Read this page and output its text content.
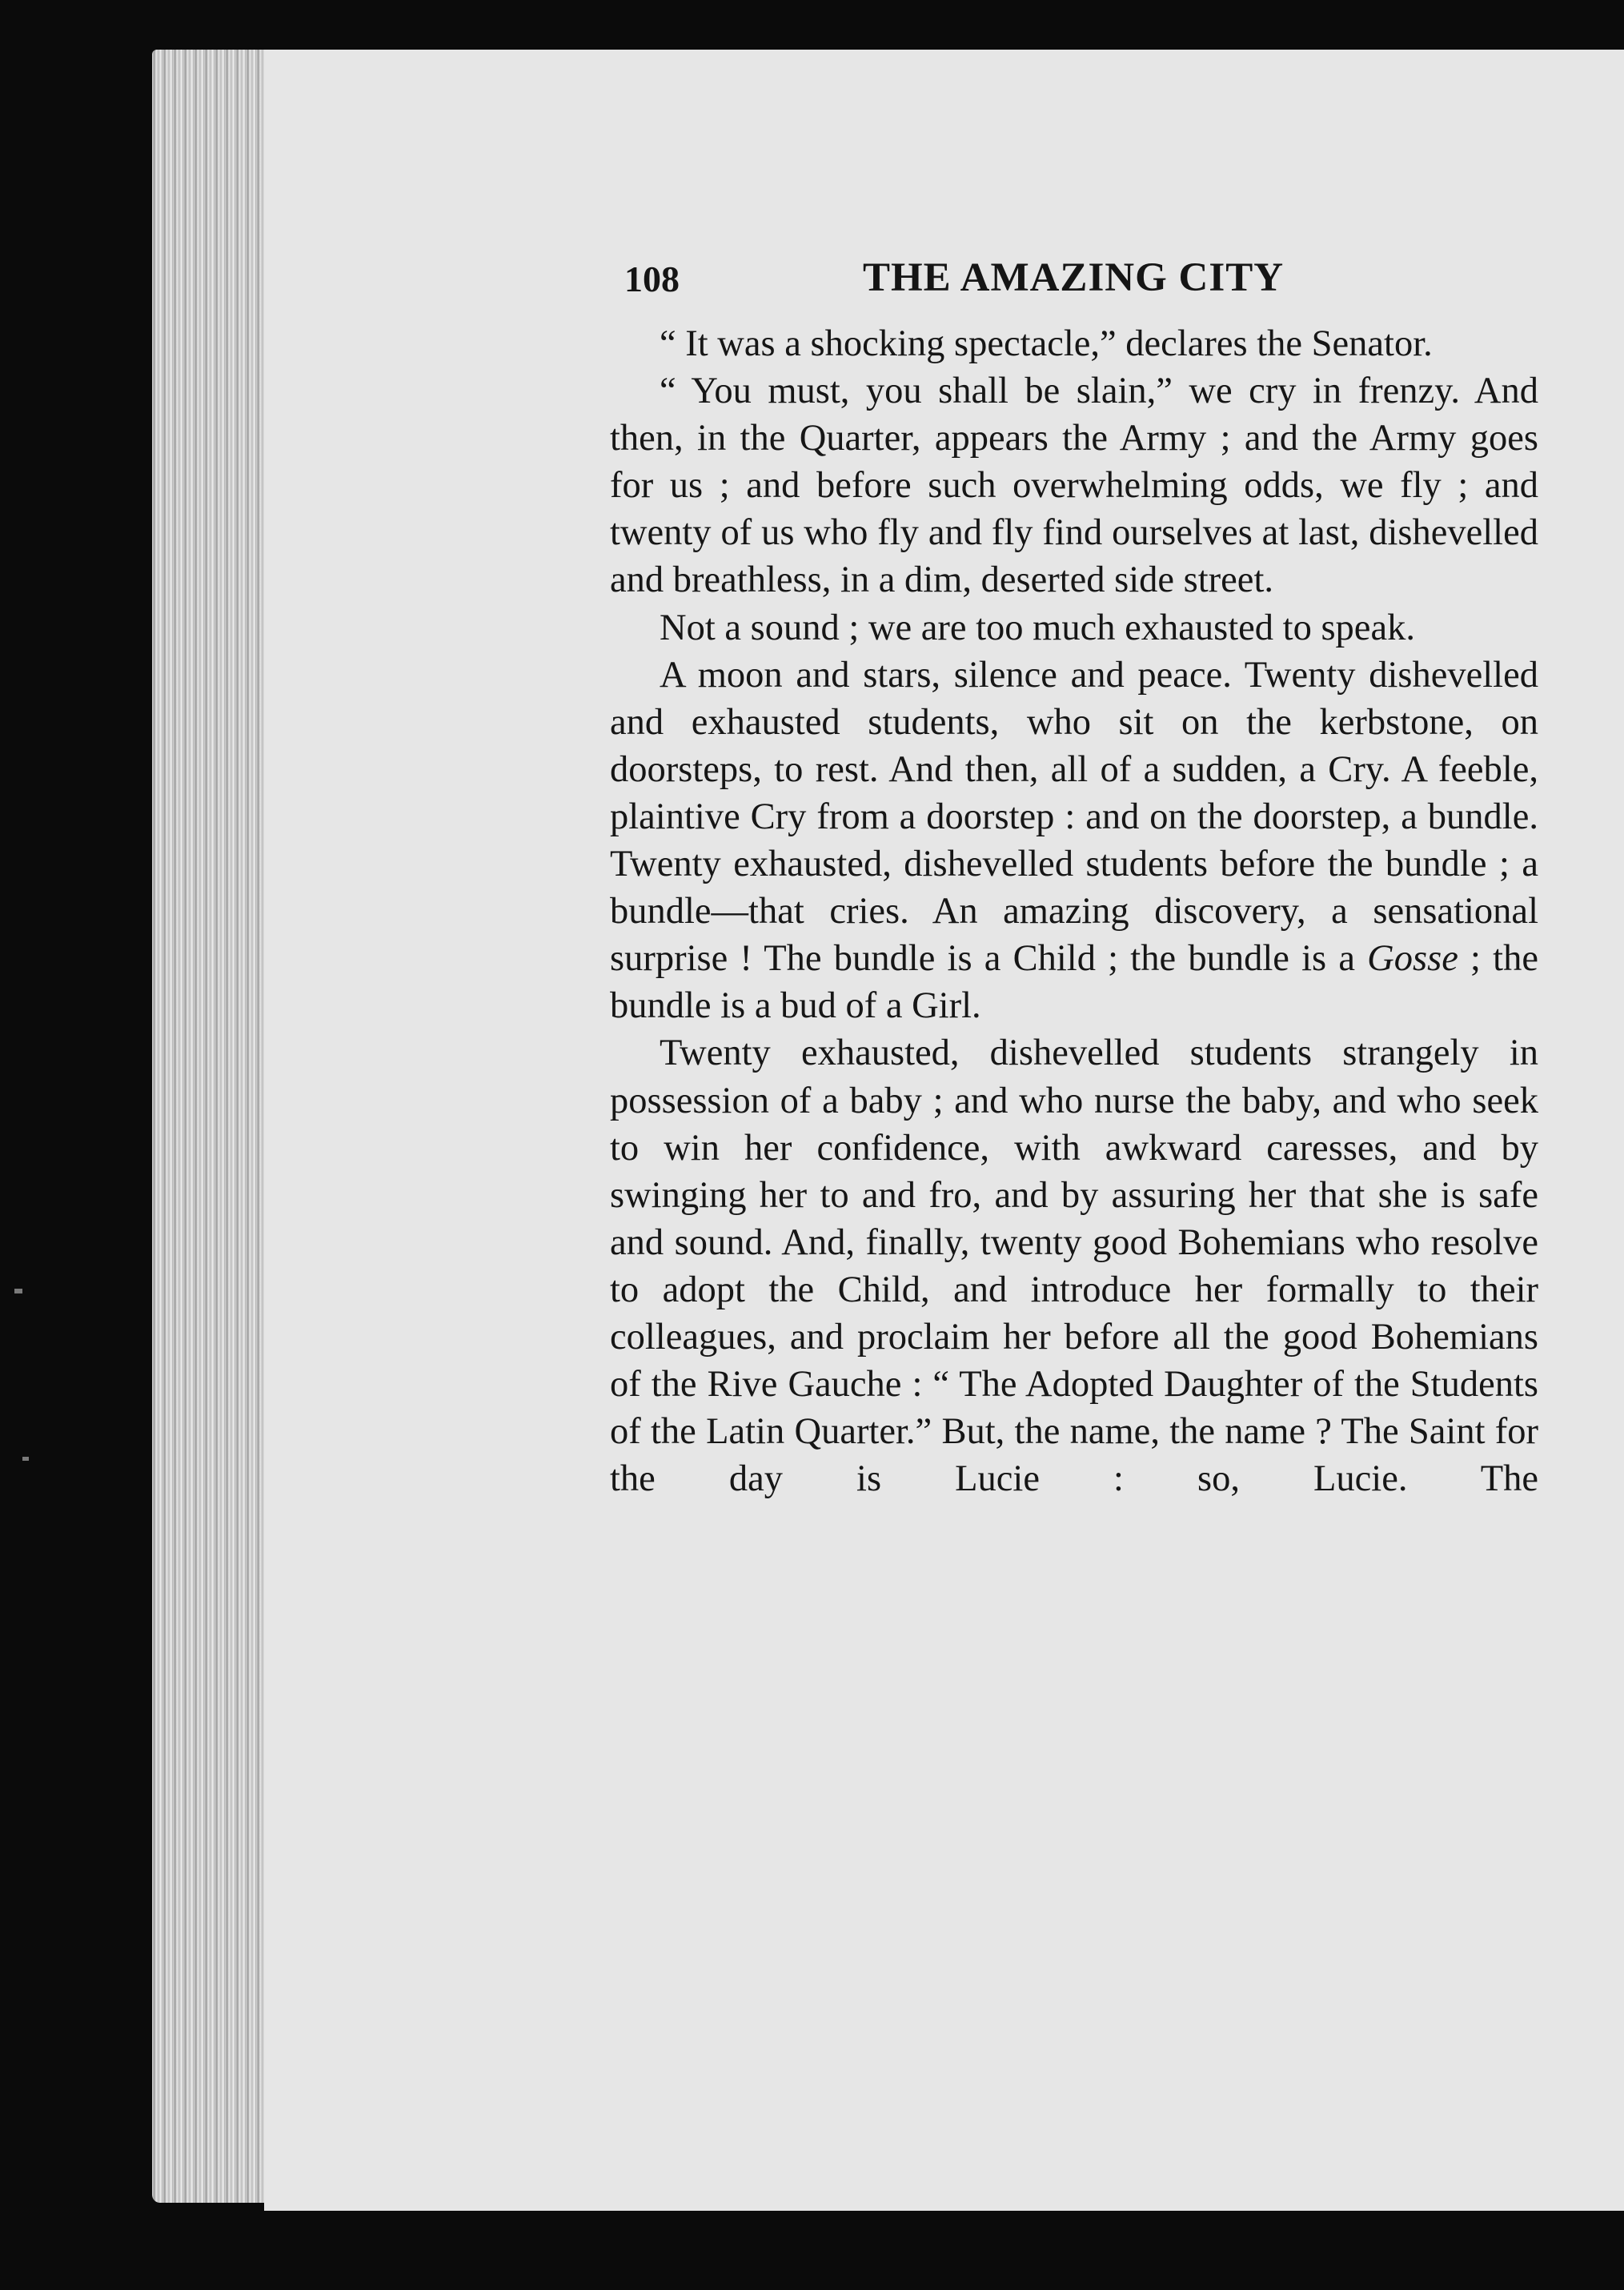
108	THE AMAZING CITY

“ It was a shocking spectacle,” declares the Senator.

“ You must, you shall be slain,” we cry in frenzy. And then, in the Quarter, appears the Army ; and the Army goes for us ; and before such overwhelming odds, we fly ; and twenty of us who fly and fly find ourselves at last, dishevelled and breathless, in a dim, deserted side street.

Not a sound ; we are too much exhausted to speak.

A moon and stars, silence and peace. Twenty dishevelled and exhausted students, who sit on the kerbstone, on doorsteps, to rest. And then, all of a sudden, a Cry. A feeble, plaintive Cry from a doorstep : and on the doorstep, a bundle. Twenty exhausted, dishevelled students before the bundle ; a bundle—that cries. An amazing discovery, a sensational surprise ! The bundle is a Child ; the bundle is a Gosse ; the bundle is a bud of a Girl.

Twenty exhausted, dishevelled students strangely in possession of a baby ; and who nurse the baby, and who seek to win her confidence, with awkward caresses, and by swinging her to and fro, and by assuring her that she is safe and sound. And, finally, twenty good Bohemians who resolve to adopt the Child, and introduce her formally to their colleagues, and proclaim her before all the good Bohemians of the Rive Gauche : “ The Adopted Daughter of the Students of the Latin Quarter.” But, the name, the name ? The Saint for the day is Lucie : so, Lucie. The
